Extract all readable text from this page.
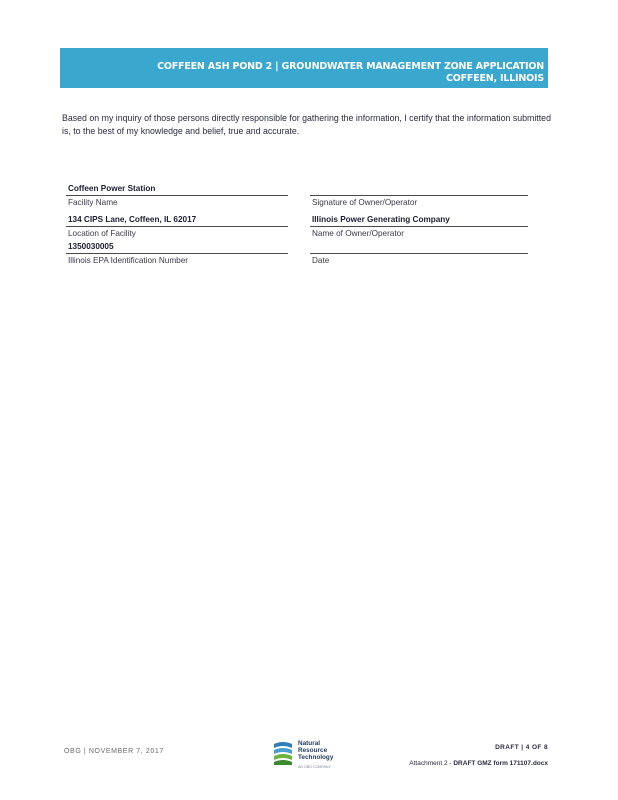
COFFEEN ASH POND 2 | GROUNDWATER MANAGEMENT ZONE APPLICATION
COFFEEN, ILLINOIS
Based on my inquiry of those persons directly responsible for gathering the information, I certify that the information submitted is, to the best of my knowledge and belief, true and accurate.
Coffeen Power Station
Facility Name
134 CIPS Lane, Coffeen, IL 62017
Location of Facility
1350030005
Illinois EPA Identification Number
Signature of Owner/Operator
Illinois Power Generating Company
Name of Owner/Operator
Date
OBG | NOVEMBER 7, 2017
Natural
Resource
Technology
AN OBG COMPANY
DRAFT | 4 OF 8
Attachment 2 - DRAFT GMZ form 171107.docx
